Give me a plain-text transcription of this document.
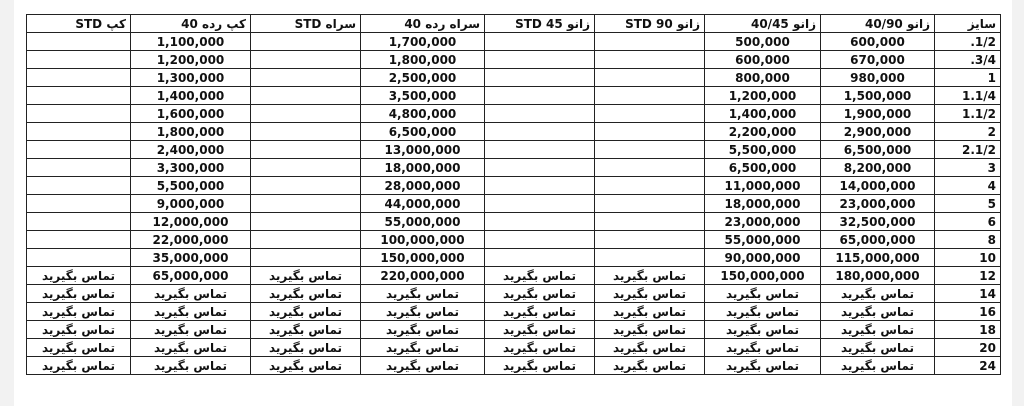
سایز	زانو 40/90	زانو 40/45	زانو STD 90	زانو STD 45	سراه رده 40	سراه STD	کپ رده 40	کپ STD
1/2.	600,000	500,000			1,700,000		1,100,000	
3/4.	670,000	600,000			1,800,000		1,200,000	
1	980,000	800,000			2,500,000		1,300,000	
1.1/4	1,500,000	1,200,000			3,500,000		1,400,000	
1.1/2	1,900,000	1,400,000			4,800,000		1,600,000	
2	2,900,000	2,200,000			6,500,000		1,800,000	
2.1/2	6,500,000	5,500,000			13,000,000		2,400,000	
3	8,200,000	6,500,000			18,000,000		3,300,000	
4	14,000,000	11,000,000			28,000,000		5,500,000	
5	23,000,000	18,000,000			44,000,000		9,000,000	
6	32,500,000	23,000,000			55,000,000		12,000,000	
8	65,000,000	55,000,000			100,000,000		22,000,000	
10	115,000,000	90,000,000			150,000,000		35,000,000	
12	180,000,000	150,000,000	تماس بگیرید	تماس بگیرید	220,000,000	تماس بگیرید	65,000,000	تماس بگیرید
14	تماس بگیرید	تماس بگیرید	تماس بگیرید	تماس بگیرید	تماس بگیرید	تماس بگیرید	تماس بگیرید	تماس بگیرید
16	تماس بگیرید	تماس بگیرید	تماس بگیرید	تماس بگیرید	تماس بگیرید	تماس بگیرید	تماس بگیرید	تماس بگیرید
18	تماس بگیرید	تماس بگیرید	تماس بگیرید	تماس بگیرید	تماس بگیرید	تماس بگیرید	تماس بگیرید	تماس بگیرید
20	تماس بگیرید	تماس بگیرید	تماس بگیرید	تماس بگیرید	تماس بگیرید	تماس بگیرید	تماس بگیرید	تماس بگیرید
24	تماس بگیرید	تماس بگیرید	تماس بگیرید	تماس بگیرید	تماس بگیرید	تماس بگیرید	تماس بگیرید	تماس بگیرید
